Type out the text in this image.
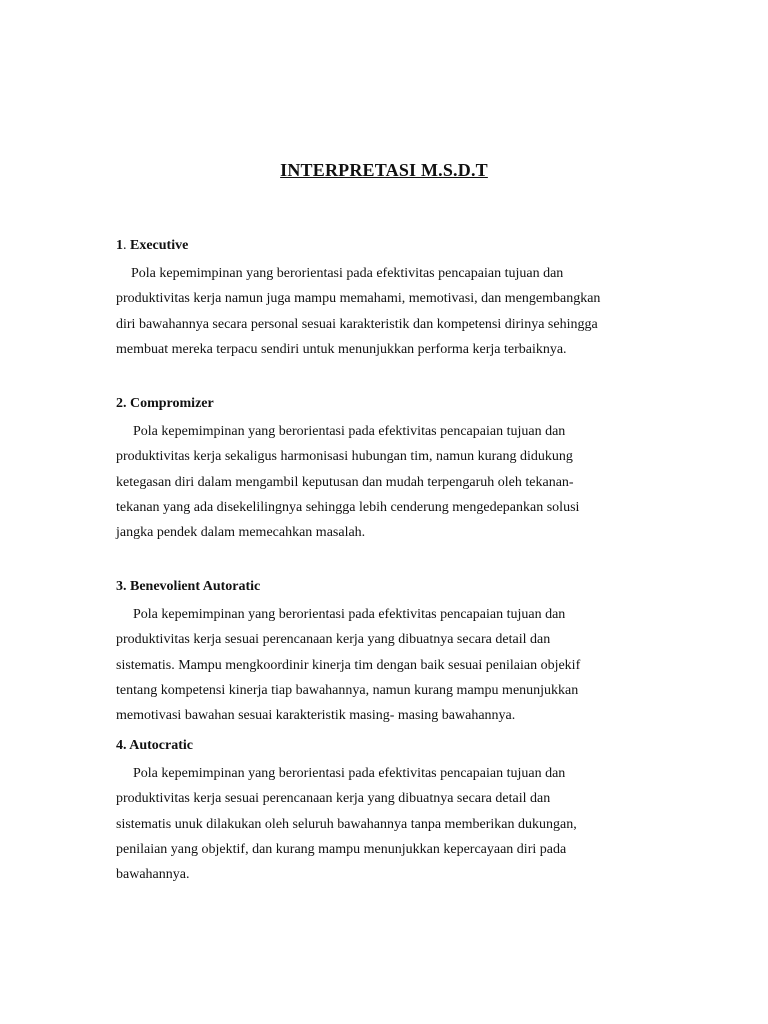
INTERPRETASI M.S.D.T

1. Executive

Pola kepemimpinan yang berorientasi pada efektivitas pencapaian tujuan dan
produktivitas kerja namun juga mampu memahami, memotivasi, dan mengembangkan
diri bawahannya secara personal sesuai karakteristik dan kompetensi dirinya sehingga
membuat mereka terpacu sendiri untuk menunjukkan performa kerja terbaiknya.

2. Compromizer

Pola kepemimpinan yang berorientasi pada efektivitas pencapaian tujuan dan
produktivitas kerja sekaligus harmonisasi hubungan tim, namun kurang didukung
ketegasan diri dalam mengambil keputusan dan mudah terpengaruh oleh tekanan-
tekanan yang ada disekelilingnya sehingga lebih cenderung mengedepankan solusi
jangka pendek dalam memecahkan masalah.

3. Benevolient Autoratic

Pola kepemimpinan yang berorientasi pada efektivitas pencapaian tujuan dan
produktivitas kerja sesuai perencanaan kerja yang dibuatnya secara detail dan
sistematis. Mampu mengkoordinir kinerja tim dengan baik sesuai penilaian objekif
tentang kompetensi kinerja tiap bawahannya, namun kurang mampu menunjukkan
memotivasi bawahan sesuai karakteristik masing- masing bawahannya.

4. Autocratic

Pola kepemimpinan yang berorientasi pada efektivitas pencapaian tujuan dan
produktivitas kerja sesuai perencanaan kerja yang dibuatnya secara detail dan
sistematis unuk dilakukan oleh seluruh bawahannya tanpa memberikan dukungan,
penilaian yang objektif, dan kurang mampu menunjukkan kepercayaan diri pada
bawahannya.
